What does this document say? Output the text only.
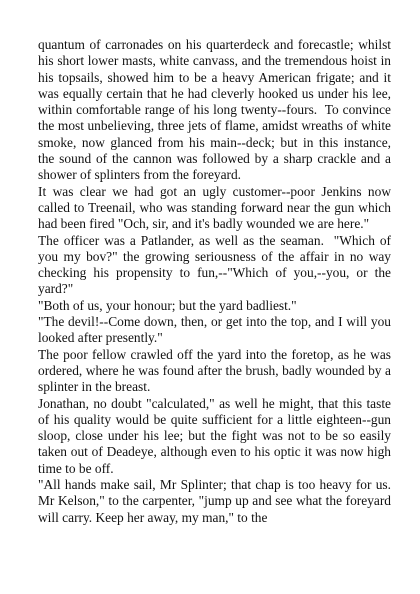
quantum of carronades on his quarterdeck and forecastle; whilst his short lower masts, white canvass, and the tremendous hoist in his topsails, showed him to be a heavy American frigate; and it was equally certain that he had cleverly hooked us under his lee, within comfortable range of his long twenty--fours.  To convince the most unbelieving, three jets of flame, amidst wreaths of white smoke, now glanced from his main--deck; but in this instance, the sound of the cannon was followed by a sharp crackle and a shower of splinters from the foreyard.

It was clear we had got an ugly customer--poor Jenkins now called to Treenail, who was standing forward near the gun which had been fired "Och, sir, and it's badly wounded we are here."

The officer was a Patlander, as well as the seaman.  "Which of you my bov?" the growing seriousness of the affair in no way checking his propensity to fun,--"Which of you,--you, or the yard?"

"Both of us, your honour; but the yard badliest."

"The devil!--Come down, then, or get into the top, and I will you looked after presently."

The poor fellow crawled off the yard into the foretop, as he was ordered, where he was found after the brush, badly wounded by a splinter in the breast.

Jonathan, no doubt "calculated," as well he might, that this taste of his quality would be quite sufficient for a little eighteen--gun sloop, close under his lee; but the fight was not to be so easily taken out of Deadeye, although even to his optic it was now high time to be off.

"All hands make sail, Mr Splinter; that chap is too heavy for us. Mr Kelson," to the carpenter, "jump up and see what the foreyard will carry. Keep her away, my man," to the
